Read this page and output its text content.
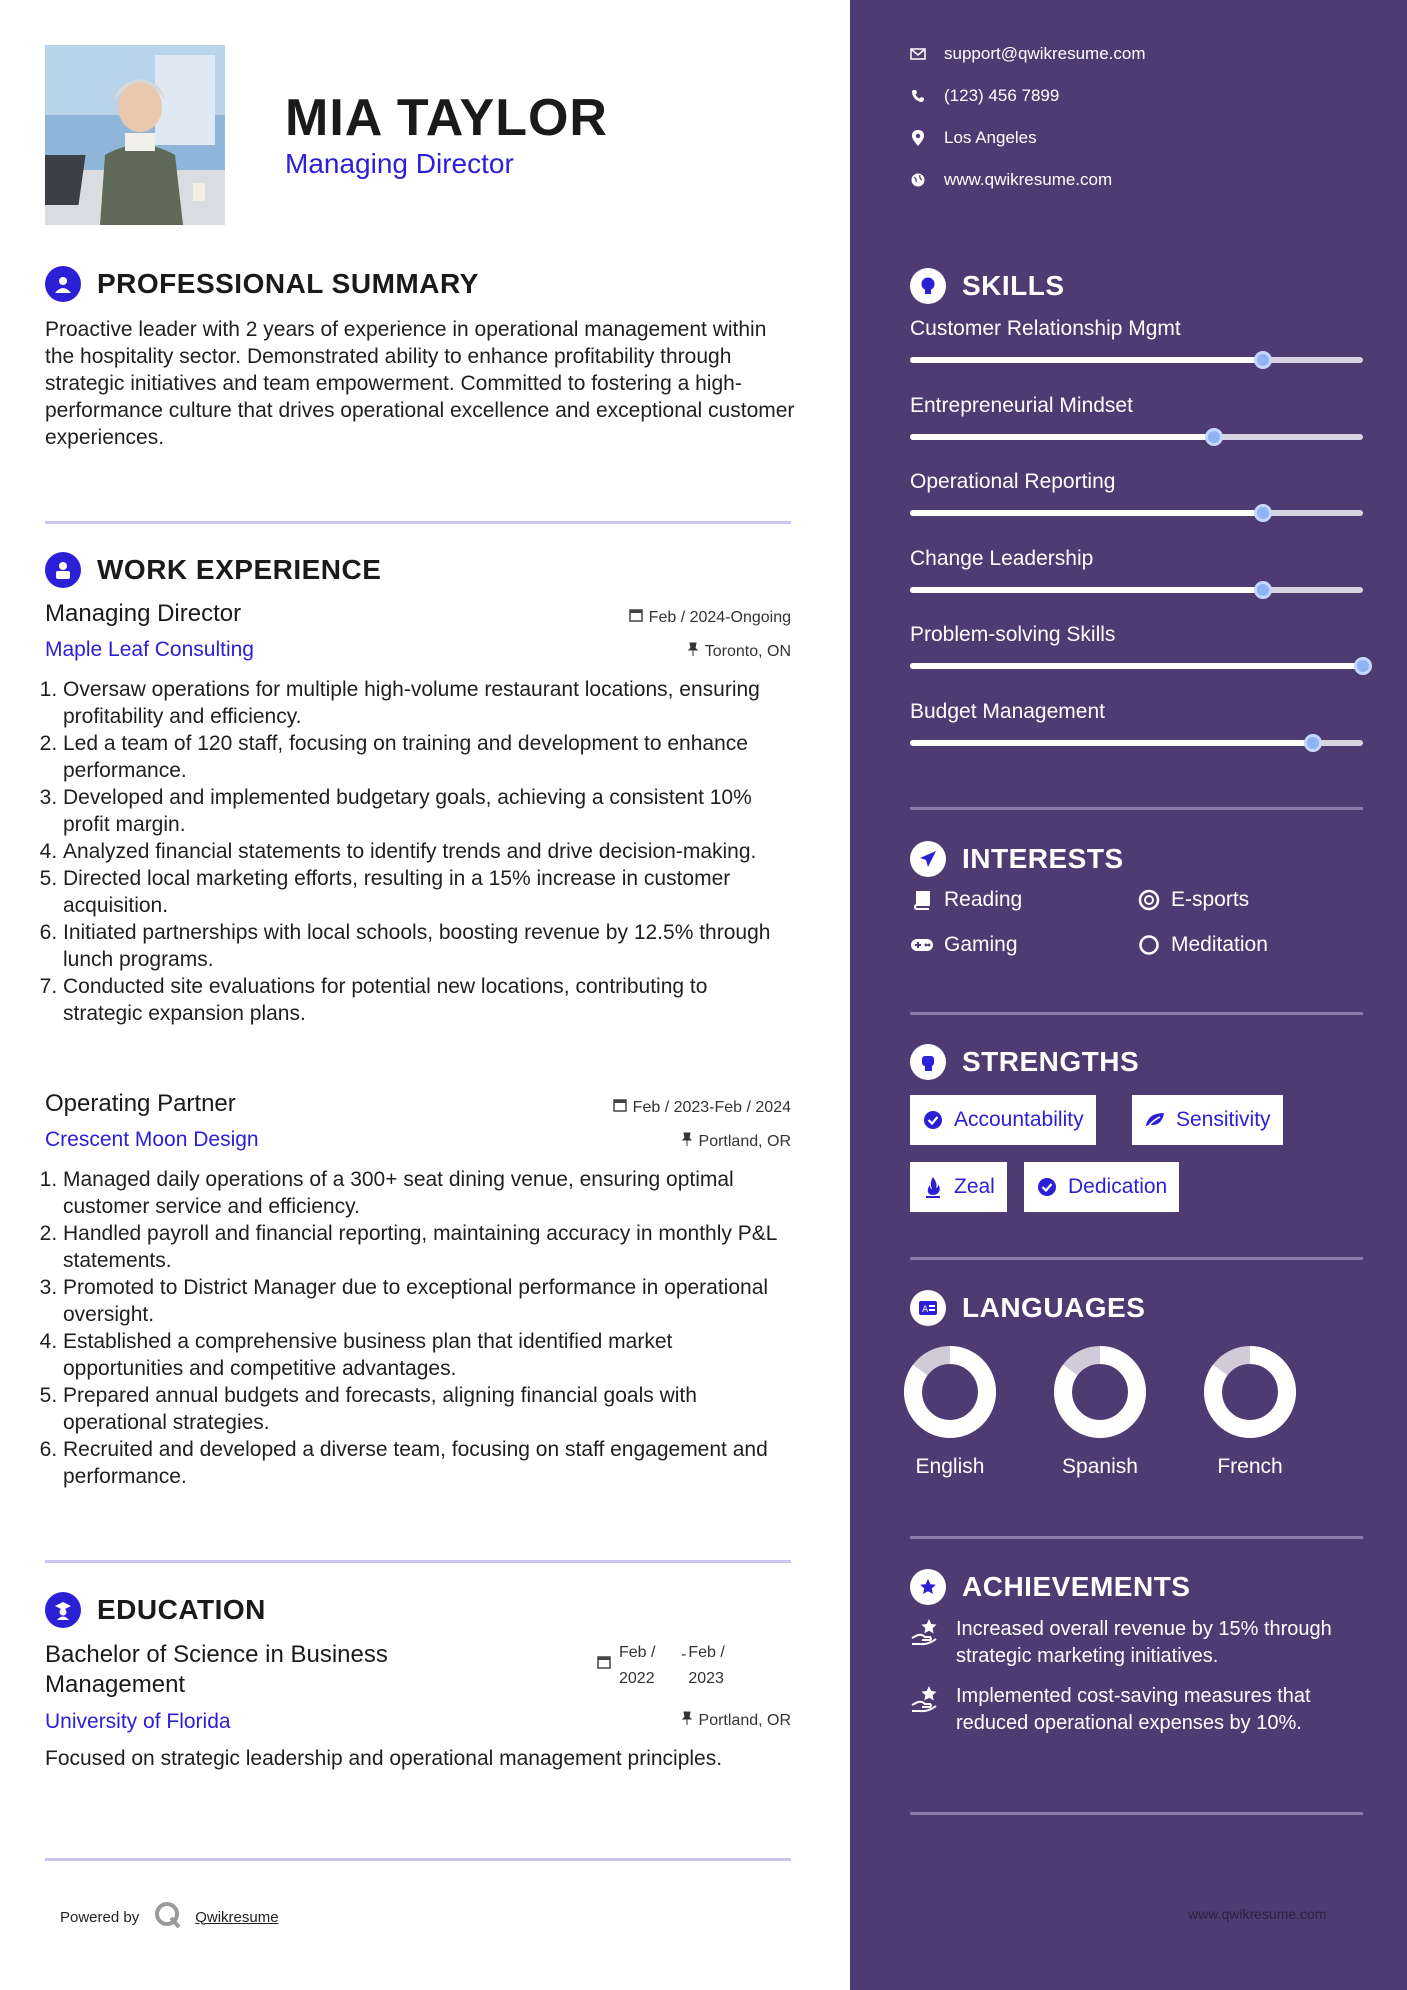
MIA TAYLOR
Managing Director
PROFESSIONAL SUMMARY
Proactive leader with 2 years of experience in operational management within the hospitality sector. Demonstrated ability to enhance profitability through strategic initiatives and team empowerment. Committed to fostering a high-performance culture that drives operational excellence and exceptional customer experiences.
WORK EXPERIENCE
Managing Director
Maple Leaf Consulting
Feb / 2024-Ongoing
Toronto, ON
1. Oversaw operations for multiple high-volume restaurant locations, ensuring profitability and efficiency.
2. Led a team of 120 staff, focusing on training and development to enhance performance.
3. Developed and implemented budgetary goals, achieving a consistent 10% profit margin.
4. Analyzed financial statements to identify trends and drive decision-making.
5. Directed local marketing efforts, resulting in a 15% increase in customer acquisition.
6. Initiated partnerships with local schools, boosting revenue by 12.5% through lunch programs.
7. Conducted site evaluations for potential new locations, contributing to strategic expansion plans.
Operating Partner
Crescent Moon Design
Feb / 2023-Feb / 2024
Portland, OR
1. Managed daily operations of a 300+ seat dining venue, ensuring optimal customer service and efficiency.
2. Handled payroll and financial reporting, maintaining accuracy in monthly P&L statements.
3. Promoted to District Manager due to exceptional performance in operational oversight.
4. Established a comprehensive business plan that identified market opportunities and competitive advantages.
5. Prepared annual budgets and forecasts, aligning financial goals with operational strategies.
6. Recruited and developed a diverse team, focusing on staff engagement and performance.
EDUCATION
Bachelor of Science in Business
Management
University of Florida
Feb /
2022
- Feb /
2023
Portland, OR
Focused on strategic leadership and operational management principles.
Powered by	Qwikresume	www.qwikresume.com
support@qwikresume.com
(123) 456 7899
Los Angeles
www.qwikresume.com
SKILLS
Customer Relationship Mgmt
Entrepreneurial Mindset
Operational Reporting
Change Leadership
Problem-solving Skills
Budget Management
INTERESTS
Reading	E-sports
Gaming	Meditation
STRENGTHS
Accountability	Sensitivity
Zeal	Dedication
A LANGUAGES
English	Spanish	French
ACHIEVEMENTS
Increased overall revenue by 15% through strategic marketing initiatives.
Implemented cost-saving measures that reduced operational expenses by 10%.
